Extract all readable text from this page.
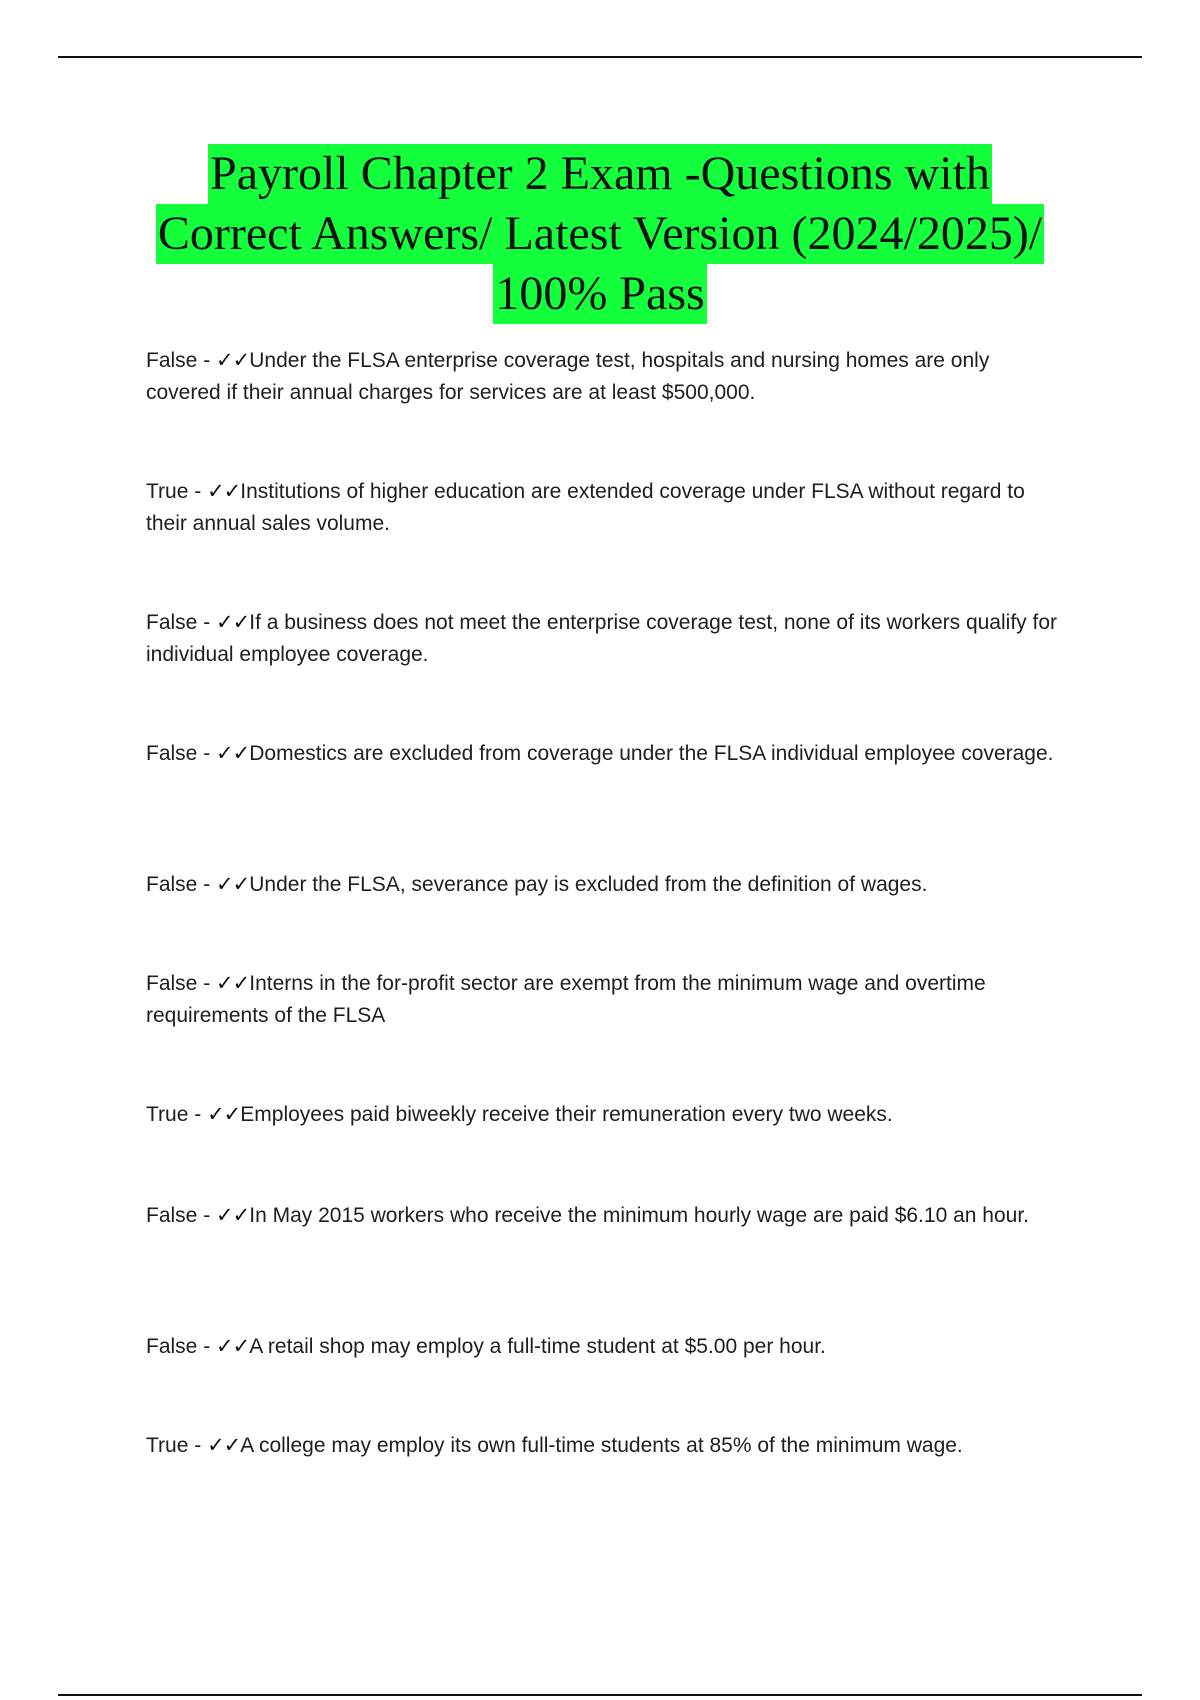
Payroll Chapter 2 Exam -Questions with
Correct Answers/ Latest Version (2024/2025)/
100% Pass
False - ✓✓Under the FLSA enterprise coverage test, hospitals and nursing homes are only covered if their annual charges for services are at least $500,000.
True - ✓✓Institutions of higher education are extended coverage under FLSA without regard to their annual sales volume.
False - ✓✓If a business does not meet the enterprise coverage test, none of its workers qualify for individual employee coverage.
False - ✓✓Domestics are excluded from coverage under the FLSA individual employee coverage.
False - ✓✓Under the FLSA, severance pay is excluded from the definition of wages.
False - ✓✓Interns in the for-profit sector are exempt from the minimum wage and overtime requirements of the FLSA
True - ✓✓Employees paid biweekly receive their remuneration every two weeks.
False - ✓✓In May 2015 workers who receive the minimum hourly wage are paid $6.10 an hour.
False - ✓✓A retail shop may employ a full-time student at $5.00 per hour.
True - ✓✓A college may employ its own full-time students at 85% of the minimum wage.
